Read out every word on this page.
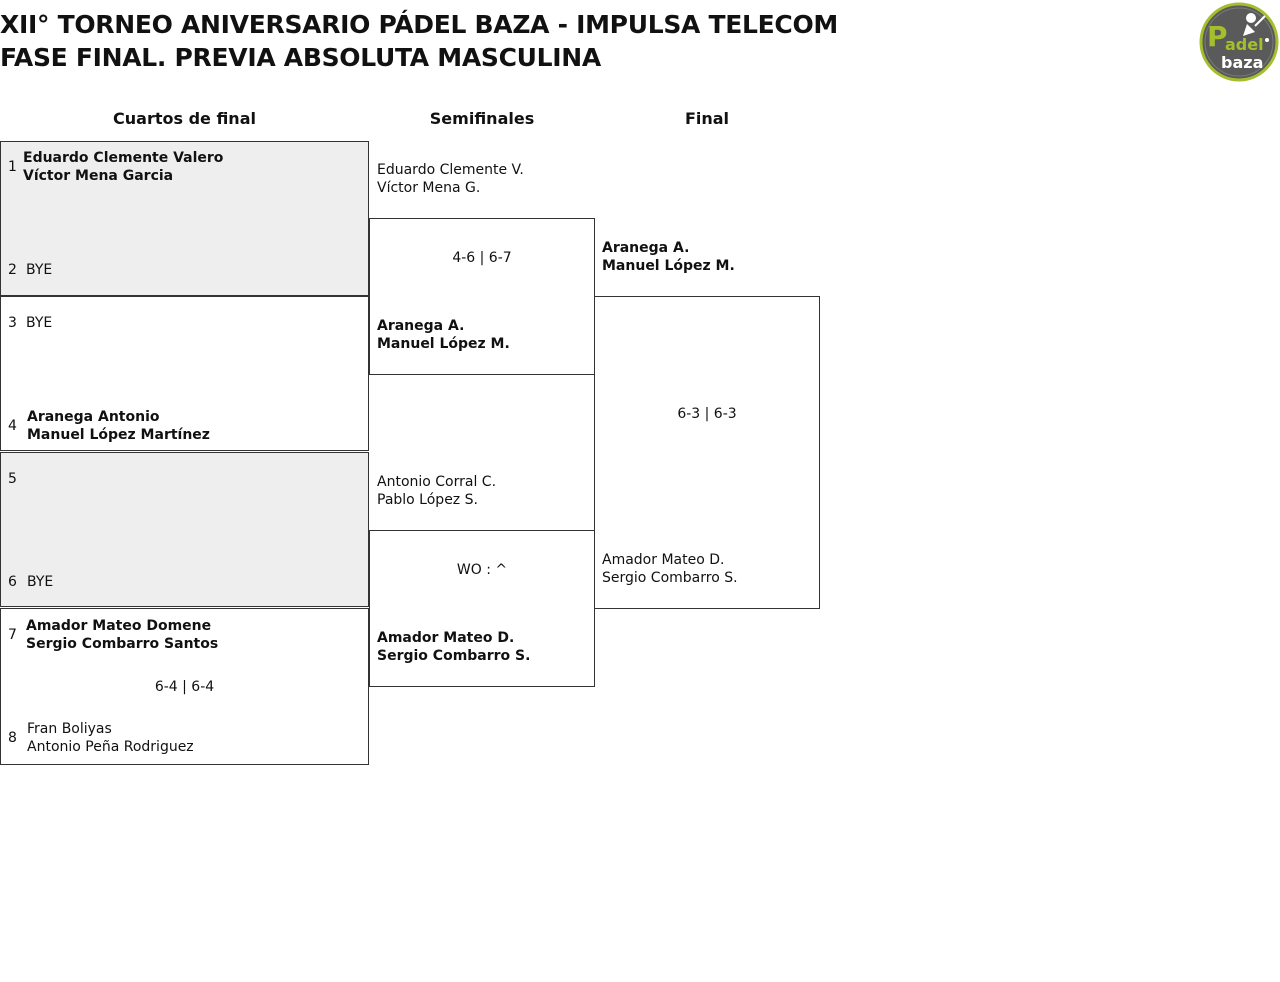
XII° TORNEO ANIVERSARIO PÁDEL BAZA - IMPULSA TELECOM
FASE FINAL. PREVIA ABSOLUTA MASCULINA
P
adel
baza
Cuartos de final	Semifinales	Final
1
Eduardo Clemente Valero
Víctor Mena Garcia
2 BYE
3 BYE
4
Aranega Antonio
Manuel López Martínez
5
6 BYE
7
Amador Mateo Domene
Sergio Combarro Santos
6-4 | 6-4
8
Fran Boliyas
Antonio Peña Rodriguez
Eduardo Clemente V.
Víctor Mena G.
4-6 | 6-7
Aranega A.
Manuel López M.
Antonio Corral C.
Pablo López S.
WO : ^
Amador Mateo D.
Sergio Combarro S.
Aranega A.
Manuel López M.
6-3 | 6-3
Amador Mateo D.
Sergio Combarro S.
